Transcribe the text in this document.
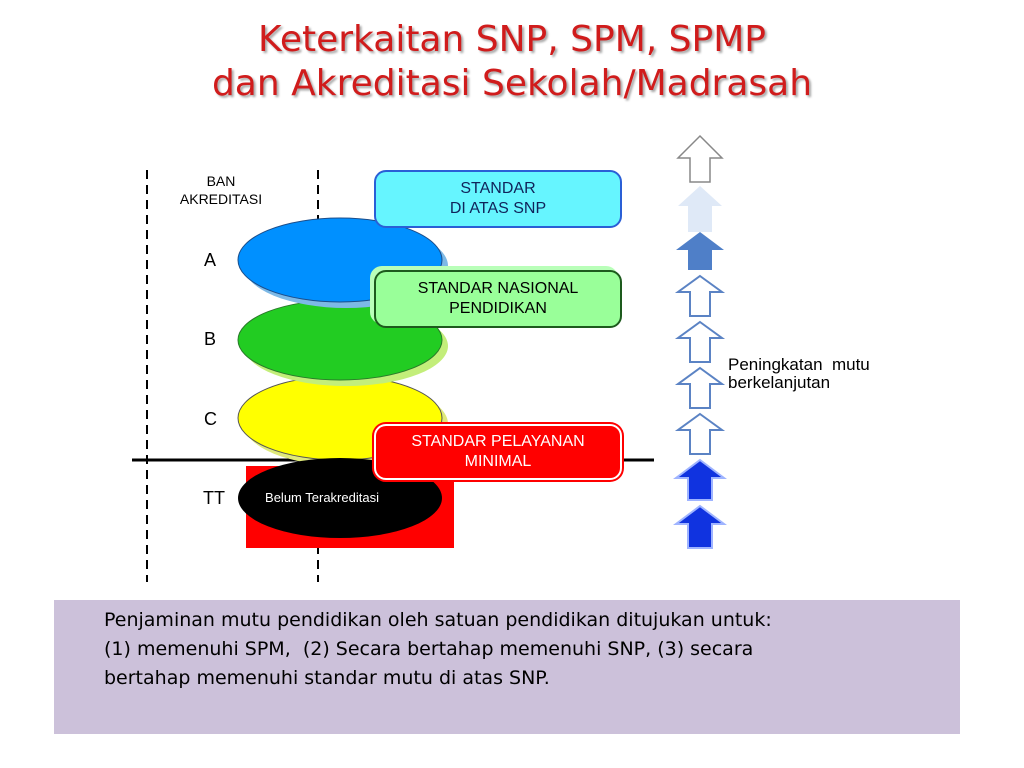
Keterkaitan SNP, SPM, SPMP
dan Akreditasi Sekolah/Madrasah
BAN
AKREDITASI
A
B
C
TT	Belum Terakreditasi
STANDAR
DI ATAS SNP
STANDAR NASIONAL
PENDIDIKAN
STANDAR PELAYANAN
MINIMAL
Peningkatan  mutu
berkelanjutan
Penjaminan mutu pendidikan oleh satuan pendidikan ditujukan untuk:
(1) memenuhi SPM,  (2) Secara bertahap memenuhi SNP, (3) secara
bertahap memenuhi standar mutu di atas SNP.
